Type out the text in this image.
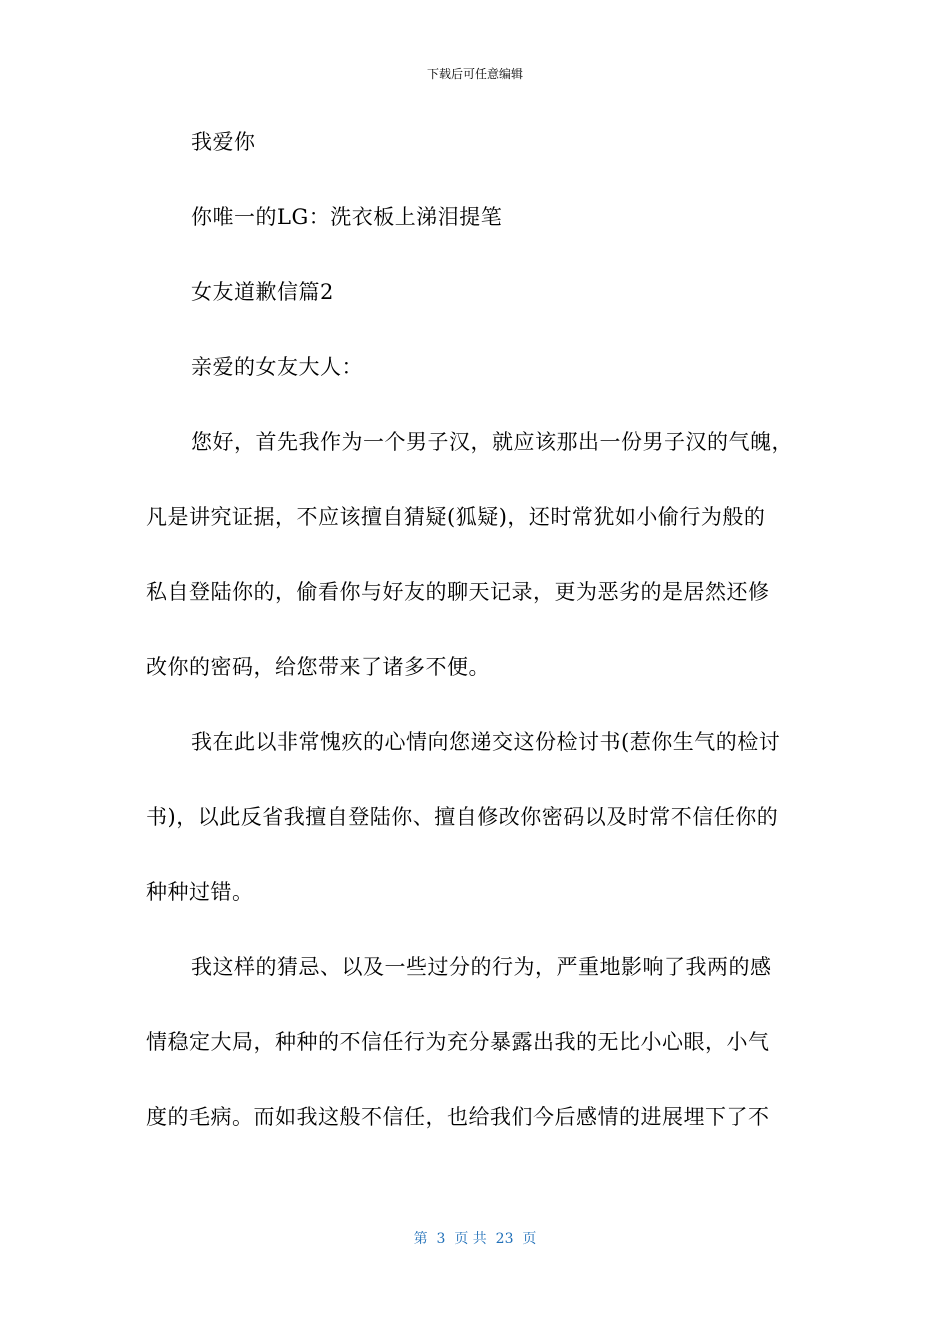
下载后可任意编辑

我爱你

你唯一的LG：洗衣板上涕泪提笔

女友道歉信篇2

亲爱的女友大人：

您好，首先我作为一个男子汉，就应该那出一份男子汉的气魄，

凡是讲究证据，不应该擅自猜疑(狐疑)，还时常犹如小偷行为般的

私自登陆你的，偷看你与好友的聊天记录，更为恶劣的是居然还修

改你的密码，给您带来了诸多不便。

我在此以非常愧疚的心情向您递交这份检讨书(惹你生气的检讨

书)，以此反省我擅自登陆你、擅自修改你密码以及时常不信任你的

种种过错。

我这样的猜忌、以及一些过分的行为，严重地影响了我两的感

情稳定大局，种种的不信任行为充分暴露出我的无比小心眼，小气

度的毛病。而如我这般不信任，也给我们今后感情的进展埋下了不

第  3  页 共  23  页
